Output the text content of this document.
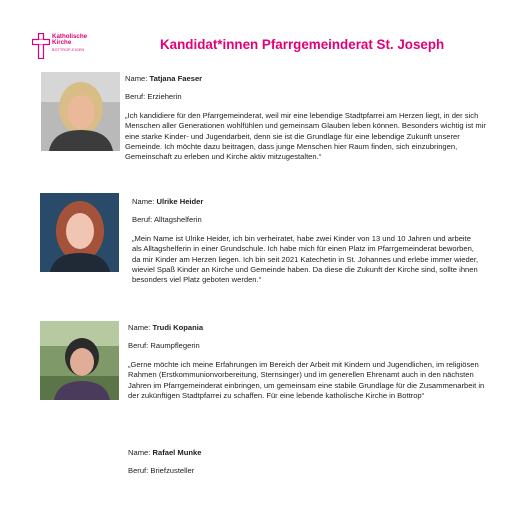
Katholische
Kirche
BOTTROP-EIGEN	Kandidat*innen Pfarrgemeinderat St. Joseph
Name: Tatjana Faeser
Beruf: Erzieherin
„Ich kandidiere für den Pfarrgemeinderat, weil mir eine lebendige Stadtpfarrei am Herzen liegt, in der sich Menschen aller Generationen wohlfühlen und gemeinsam Glauben leben können. Besonders wichtig ist mir eine starke Kinder- und Jugendarbeit, denn sie ist die Grundlage für eine lebendige Zukunft unserer Gemeinde. Ich möchte dazu beitragen, dass junge Menschen hier Raum finden, sich einzubringen, Gemeinschaft zu erleben und Kirche aktiv mitzugestalten.“
Name: Ulrike Heider
Beruf: Alltagshelferin
„Mein Name ist Ulrike Heider, ich bin verheiratet, habe zwei Kinder von 13 und 10 Jahren und arbeite als Alltagshelferin in einer Grundschule. Ich habe mich für einen Platz im Pfarrgemeinderat beworben, da mir Kinder am Herzen liegen. Ich bin seit 2021 Katechetin in St. Johannes und erlebe immer wieder, wieviel Spaß Kinder an Kirche und Gemeinde haben. Da diese die Zukunft der Kirche sind, sollte ihnen besonders viel Platz geboten werden.“
Name: Trudi Kopania
Beruf: Raumpflegerin
„Gerne möchte ich meine Erfahrungen im Bereich der Arbeit mit Kindern und Jugendlichen, im religiösen Rahmen (Erstkommunionvorbereitung, Sternsinger) und im generellen Ehrenamt auch in den nächsten Jahren im Pfarrgemeinderat einbringen, um gemeinsam eine stabile Grundlage für die Zusammenarbeit in der zukünftigen Stadtpfarrei zu schaffen. Für eine lebende katholische Kirche in Bottrop“
Name: Rafael Munke
Beruf: Briefzusteller
